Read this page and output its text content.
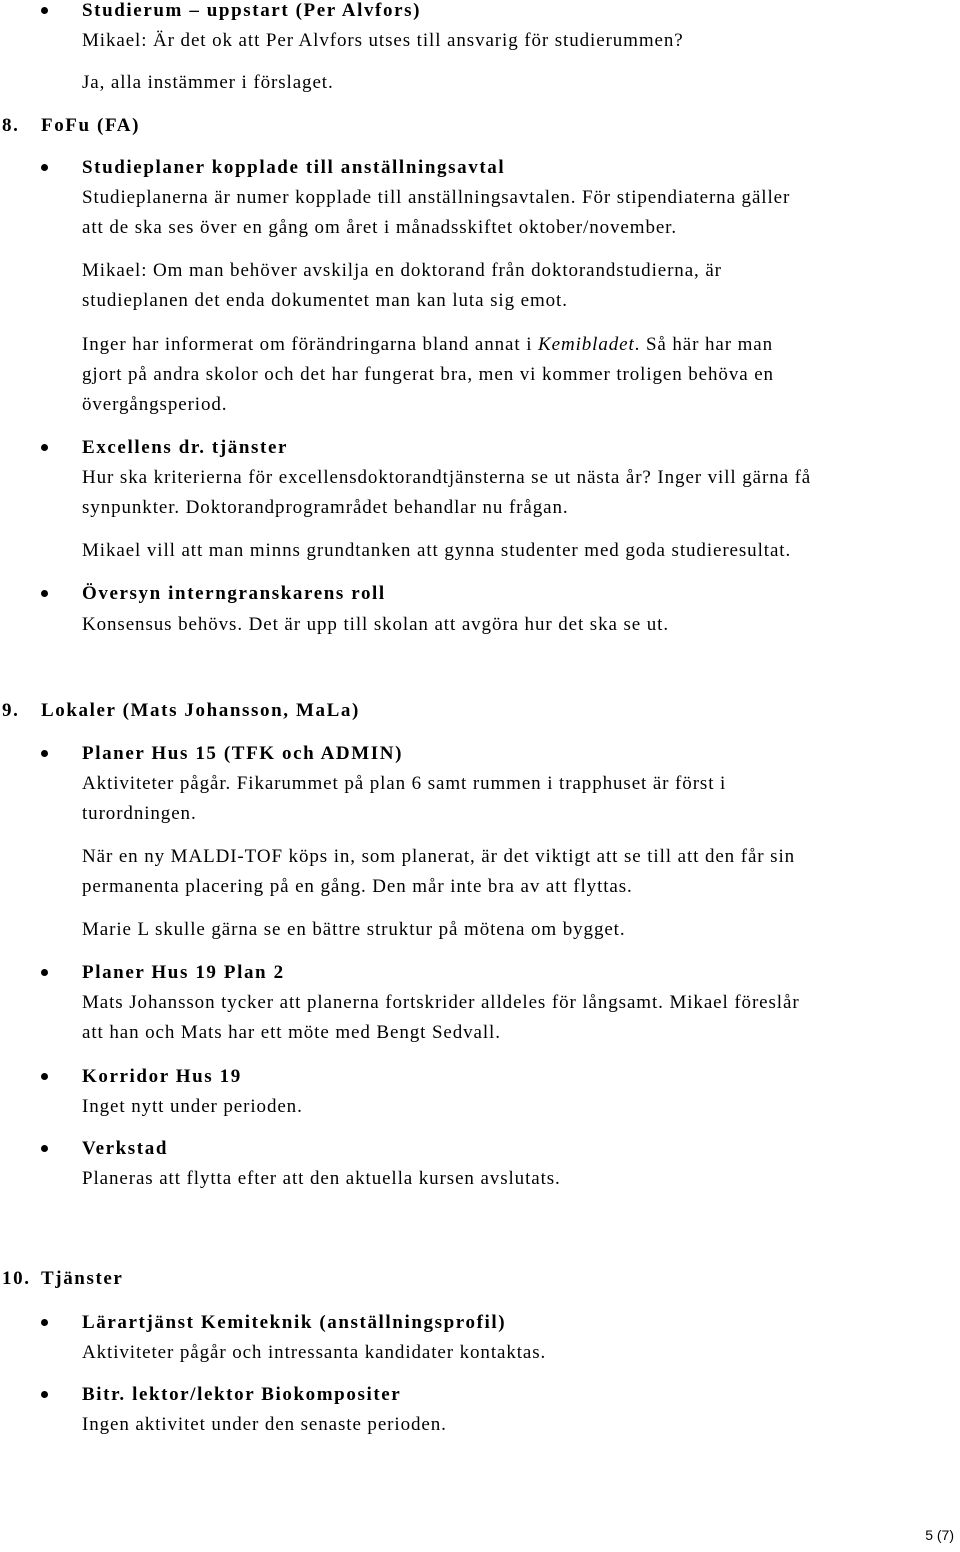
Studierum – uppstart (Per Alvfors)
Mikael: Är det ok att Per Alvfors utses till ansvarig för studierummen?
Ja, alla instämmer i förslaget.
8. FoFu (FA)
Studieplaner kopplade till anställningsavtal
Studieplanerna är numer kopplade till anställningsavtalen. För stipendiaterna gäller
att de ska ses över en gång om året i månadsskiftet oktober/november.
Mikael: Om man behöver avskilja en doktorand från doktorandstudierna, är
studieplanen det enda dokumentet man kan luta sig emot.
Inger har informerat om förändringarna bland annat i Kemibladet. Så här har man
gjort på andra skolor och det har fungerat bra, men vi kommer troligen behöva en
övergångsperiod.
Excellens dr. tjänster
Hur ska kriterierna för excellensdoktorandtjänsterna se ut nästa år? Inger vill gärna få
synpunkter. Doktorandprogramrådet behandlar nu frågan.
Mikael vill att man minns grundtanken att gynna studenter med goda studieresultat.
Översyn interngranskarens roll
Konsensus behövs. Det är upp till skolan att avgöra hur det ska se ut.
9. Lokaler (Mats Johansson, MaLa)
Planer Hus 15 (TFK och ADMIN)
Aktiviteter pågår. Fikarummet på plan 6 samt rummen i trapphuset är först i
turordningen.
När en ny MALDI-TOF köps in, som planerat, är det viktigt att se till att den får sin
permanenta placering på en gång. Den mår inte bra av att flyttas.
Marie L skulle gärna se en bättre struktur på mötena om bygget.
Planer Hus 19 Plan 2
Mats Johansson tycker att planerna fortskrider alldeles för långsamt. Mikael föreslår
att han och Mats har ett möte med Bengt Sedvall.
Korridor Hus 19
Inget nytt under perioden.
Verkstad
Planeras att flytta efter att den aktuella kursen avslutats.
10. Tjänster
Lärartjänst Kemiteknik (anställningsprofil)
Aktiviteter pågår och intressanta kandidater kontaktas.
Bitr. lektor/lektor Biokompositer
Ingen aktivitet under den senaste perioden.
5 (7)
